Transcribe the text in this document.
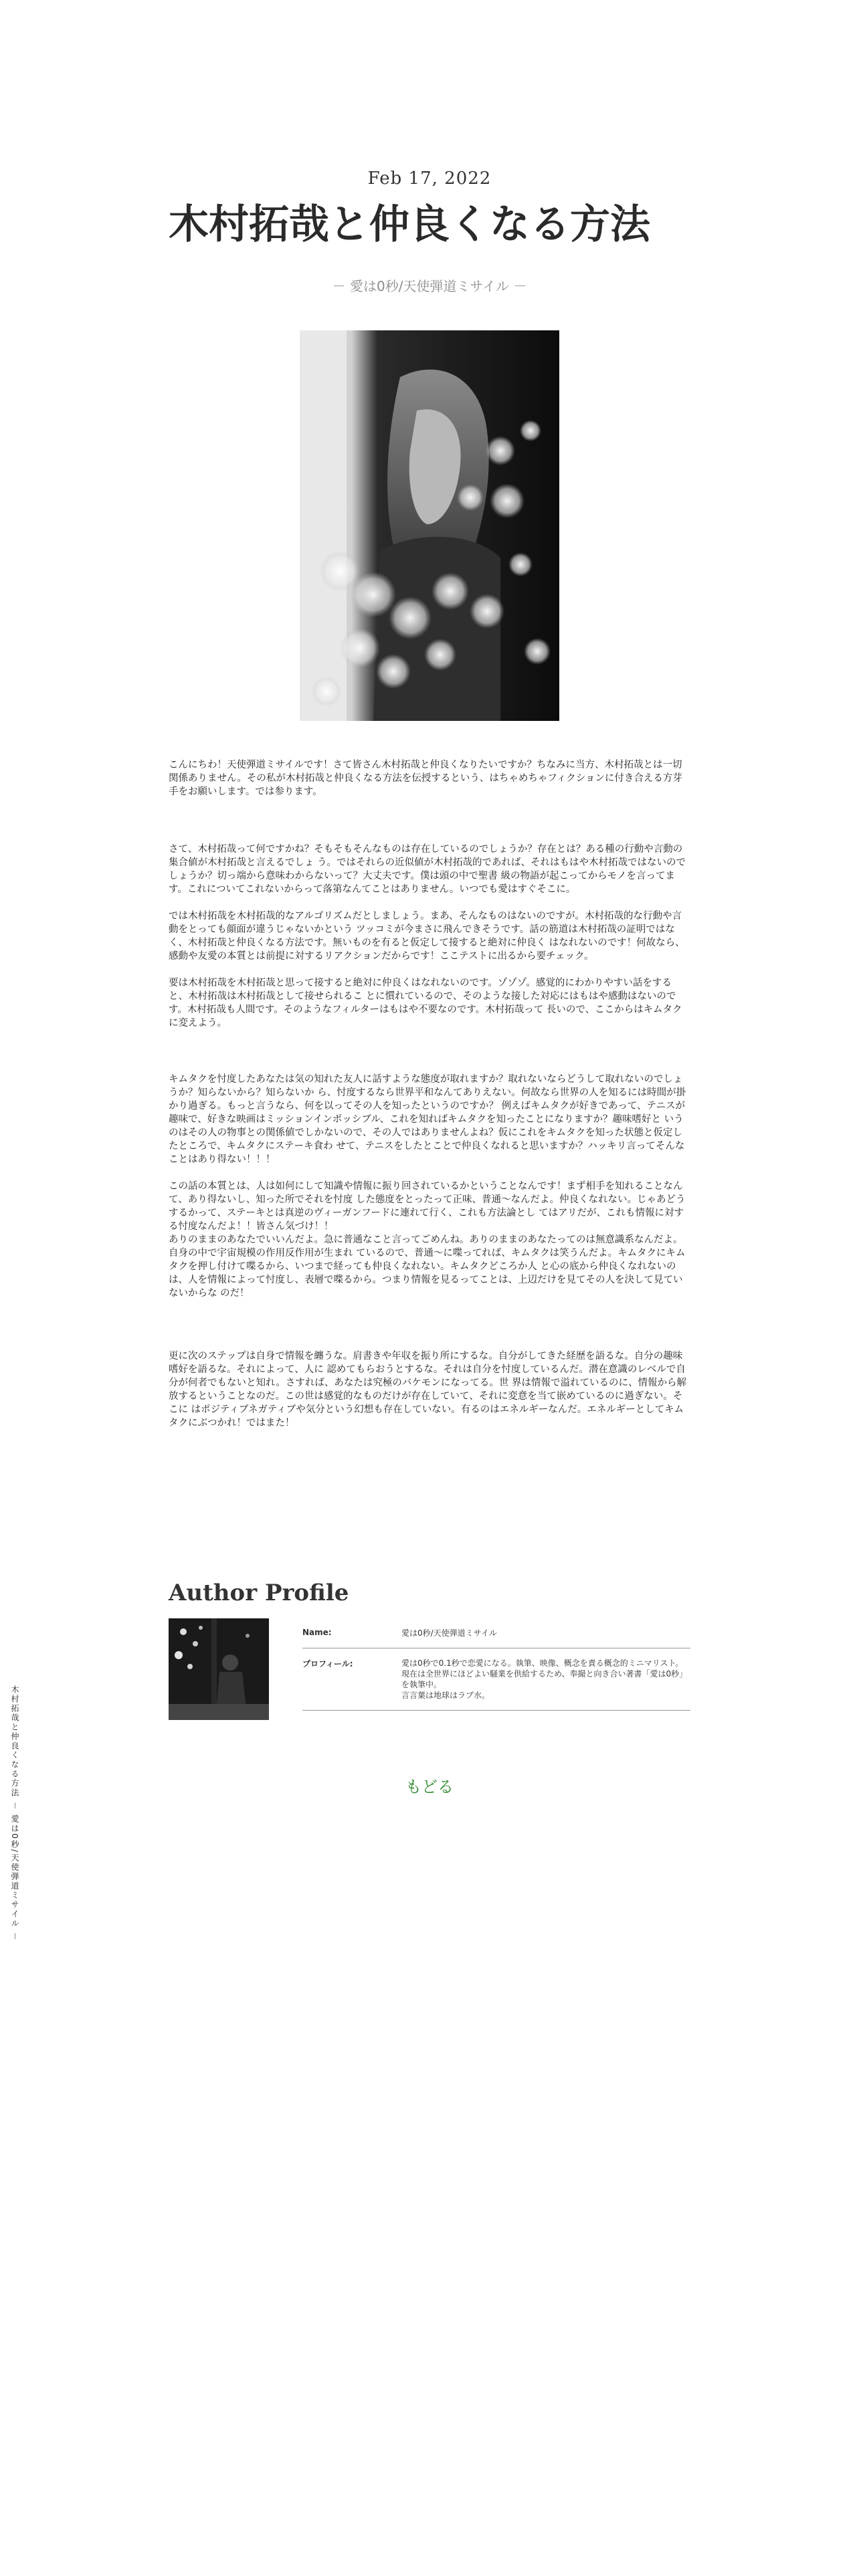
木村拓哉と仲良くなる方法 － 愛は0秒/天使弾道ミサイル －
Feb 17, 2022
木村拓哉と仲良くなる方法
－ 愛は0秒/天使弾道ミサイル －

こんにちわ！天使弾道ミサイルです！さて皆さん木村拓哉と仲良くなりたいですか？ちなみに当方、木村拓哉とは一切関係ありません。その私が木村拓哉と仲良くなる方法を伝授するという、はちゃめちゃフィクションに付き合える方芽手をお願いします。では参ります。

さて、木村拓哉って何ですかね？そもそもそんなものは存在しているのでしょうか？存在とは？ある種の行動や言動の集合値が木村拓哉と言えるでしょ う。ではそれらの近似値が木村拓哉的であれば、それはもはや木村拓哉ではないのでしょうか？切っ端から意味わからないって？大丈夫です。僕は頭の中で聖書 級の物語が起こってからモノを言ってます。これについてこれないからって落第なんてことはありません。いつでも愛はすぐそこに。

では木村拓哉を木村拓哉的なアルゴリズムだとしましょう。まあ、そんなものはないのですが。木村拓哉的な行動や言動をとっても顔面が違うじゃないかという ツッコミが今まさに飛んできそうです。話の筋道は木村拓哉の証明ではなく、木村拓哉と仲良くなる方法です。無いものを有ると仮定して接すると絶対に仲良く はなれないのです！何故なら、感動や友愛の本質とは前提に対するリアクションだからです！ここテストに出るから要チェック。

要は木村拓哉を木村拓哉と思って接すると絶対に仲良くはなれないのです。ゾゾゾ。感覚的にわかりやすい話をすると、木村拓哉は木村拓哉として接せられるこ とに慣れているので、そのような接した対応にはもはや感動はないのです。木村拓哉も人間です。そのようなフィルターはもはや不要なのです。木村拓哉って 長いので、ここからはキムタクに変えよう。

キムタクを忖度したあなたは気の知れた友人に話すような態度が取れますか？取れないならどうして取れないのでしょうか？知らないから？知らないか ら、忖度するなら世界平和なんてありえない。何故なら世界の人を知るには時間が掛かり過ぎる。もっと言うなら、何を以ってその人を知ったというのですか？ 例えばキムタクが好きであって、テニスが趣味で、好きな映画はミッションインポッシブル、これを知ればキムタクを知ったことになりますか？趣味嗜好と いうのはその人の物事との関係値でしかないので、その人ではありませんよね？仮にこれをキムタクを知った状態と仮定したところで、キムタクにステーキ食わ せて、テニスをしたとことで仲良くなれると思いますか？ハッキリ言ってそんなことはあり得ない！！！

この話の本質とは、人は如何にして知識や情報に振り回されているかということなんです！まず相手を知れることなんて、あり得ないし、知った所でそれを忖度 した態度をとったって正味、普通〜なんだよ。仲良くなれない。じゃあどうするかって、ステーキとは真逆のヴィーガンフードに連れて行く、これも方法論とし てはアリだが、これも情報に対する忖度なんだよ！！皆さん気づけ！！
ありのままのあなたでいいんだよ。急に普通なこと言ってごめんね。ありのままのあなたってのは無意識系なんだよ。自身の中で宇宙規模の作用反作用が生まれ ているので、普通〜に喋ってれば、キムタクは笑うんだよ。キムタクにキムタクを押し付けて喋るから、いつまで経っても仲良くなれない。キムタクどころか人 と心の底から仲良くなれないのは、人を情報によって忖度し、表層で喋るから。つまり情報を見るってことは、上辺だけを見てその人を決して見ていないからな のだ！

更に次のステップは自身で情報を纏うな。肩書きや年収を振り所にするな。自分がしてきた経歴を語るな。自分の趣味嗜好を語るな。それによって、人に 認めてもらおうとするな。それは自分を忖度しているんだ。潜在意識のレベルで自分が何者でもないと知れ。さすれば、あなたは究極のバケモンになってる。世 界は情報で溢れているのに、情報から解放するということなのだ。この世は感覚的なものだけが存在していて、それに変意を当て嵌めているのに過ぎない。そこに はポジティブネガティブや気分という幻想も存在していない。有るのはエネルギーなんだ。エネルギーとしてキムタクにぶつかれ！ではまた！

Author Profile
Name:	愛は0秒/天使弾道ミサイル
プロフィール:	愛は0秒で0.1秒で恋愛になる。執筆、映像、概念を責る概念的ミニマリスト。
現在は全世界にほどよい騒業を供給するため、奉撮と向き合い著書「愛は0秒」を執筆中。
言言葉は地球はラブ水。
もどる
